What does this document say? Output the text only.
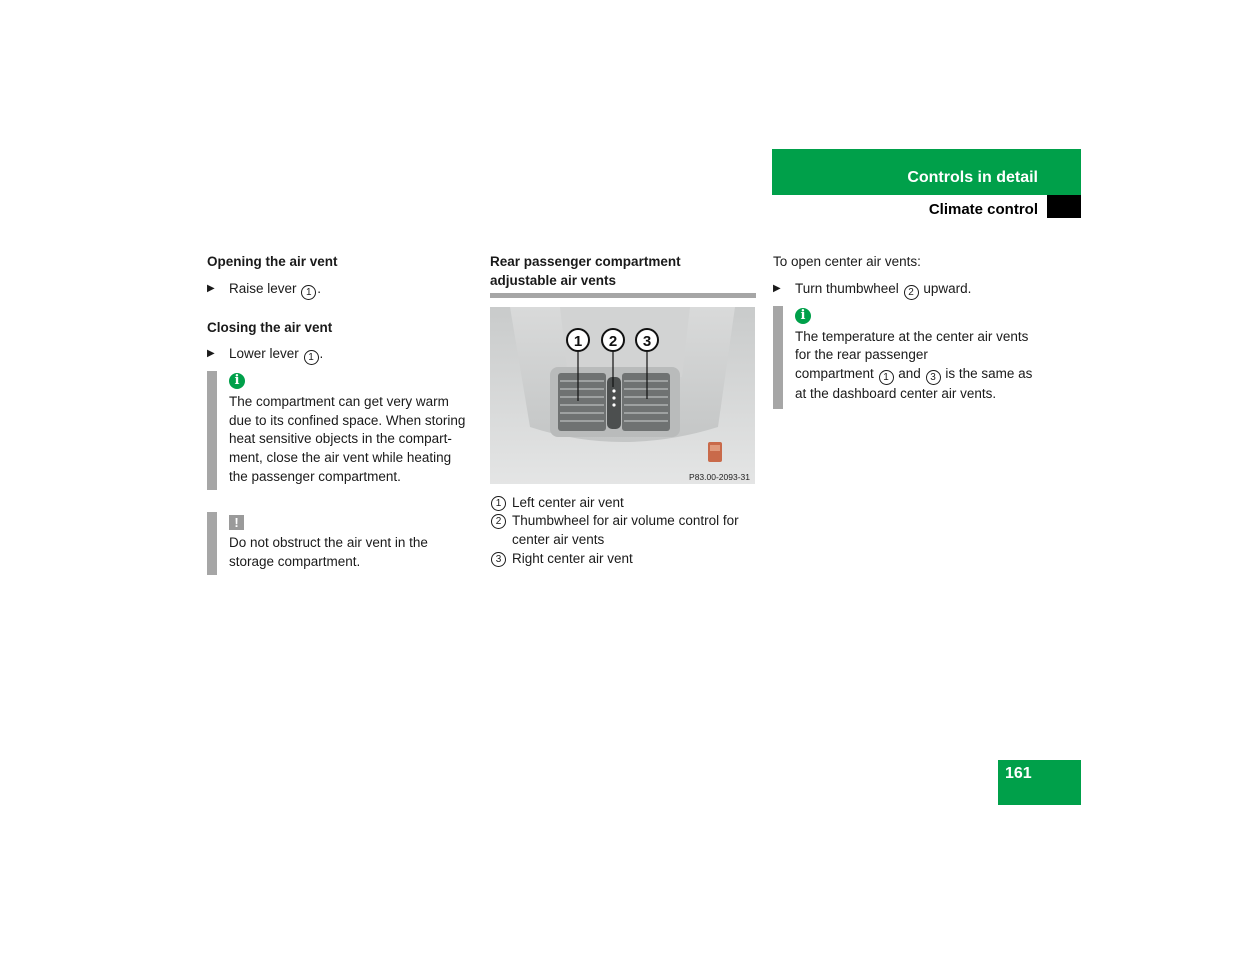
Controls in detail
Climate control

Opening the air vent

▶ Raise lever 1 .

Closing the air vent

▶ Lower lever 1 .
i

The compartment can get very warm

due to its confined space. When storing

heat sensitive objects in the compart-

ment, close the air vent while heating

the passenger compartment.

!

Do not obstruct the air vent in the

storage compartment.

Rear passenger compartment

adjustable air vents

1 2 3
P83.00-2093-31
1 Left center air vent

2 Thumbwheel for air volume control for

center air vents

3 Right center air vent

To open center air vents:

▶ Turn thumbwheel 2 upward.
i

The temperature at the center air vents

for the rear passenger

compartment 1 and 3 is the same as

at the dashboard center air vents.

161
